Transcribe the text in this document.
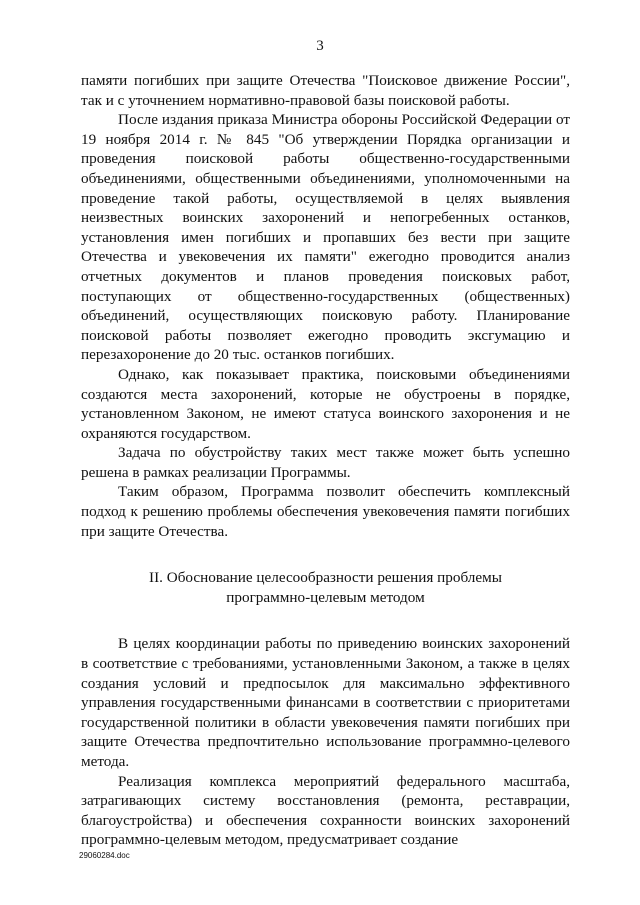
3

памяти погибших при защите Отечества "Поисковое движение России", так и с уточнением нормативно-правовой базы поисковой работы.

После издания приказа Министра обороны Российской Федерации от 19 ноября 2014 г. № 845 "Об утверждении Порядка организации и проведения поисковой работы общественно-государственными объединениями, общественными объединениями, уполномоченными на проведение такой работы, осуществляемой в целях выявления неизвестных воинских захоронений и непогребенных останков, установления имен погибших и пропавших без вести при защите Отечества и увековечения их памяти" ежегодно проводится анализ отчетных документов и планов проведения поисковых работ, поступающих от общественно-государственных (общественных) объединений, осуществляющих поисковую работу. Планирование поисковой работы позволяет ежегодно проводить эксгумацию и перезахоронение до 20 тыс. останков погибших.

Однако, как показывает практика, поисковыми объединениями создаются места захоронений, которые не обустроены в порядке, установленном Законом, не имеют статуса воинского захоронения и не охраняются государством.

Задача по обустройству таких мест также может быть успешно решена в рамках реализации Программы.

Таким образом, Программа позволит обеспечить комплексный подход к решению проблемы обеспечения увековечения памяти погибших при защите Отечества.

II. Обоснование целесообразности решения проблемы
программно-целевым методом

В целях координации работы по приведению воинских захоронений в соответствие с требованиями, установленными Законом, а также в целях создания условий и предпосылок для максимально эффективного управления государственными финансами в соответствии с приоритетами государственной политики в области увековечения памяти погибших при защите Отечества предпочтительно использование программно-целевого метода.

Реализация комплекса мероприятий федерального масштаба, затрагивающих систему восстановления (ремонта, реставрации, благоустройства) и обеспечения сохранности воинских захоронений программно-целевым методом, предусматривает создание

29060284.doc
